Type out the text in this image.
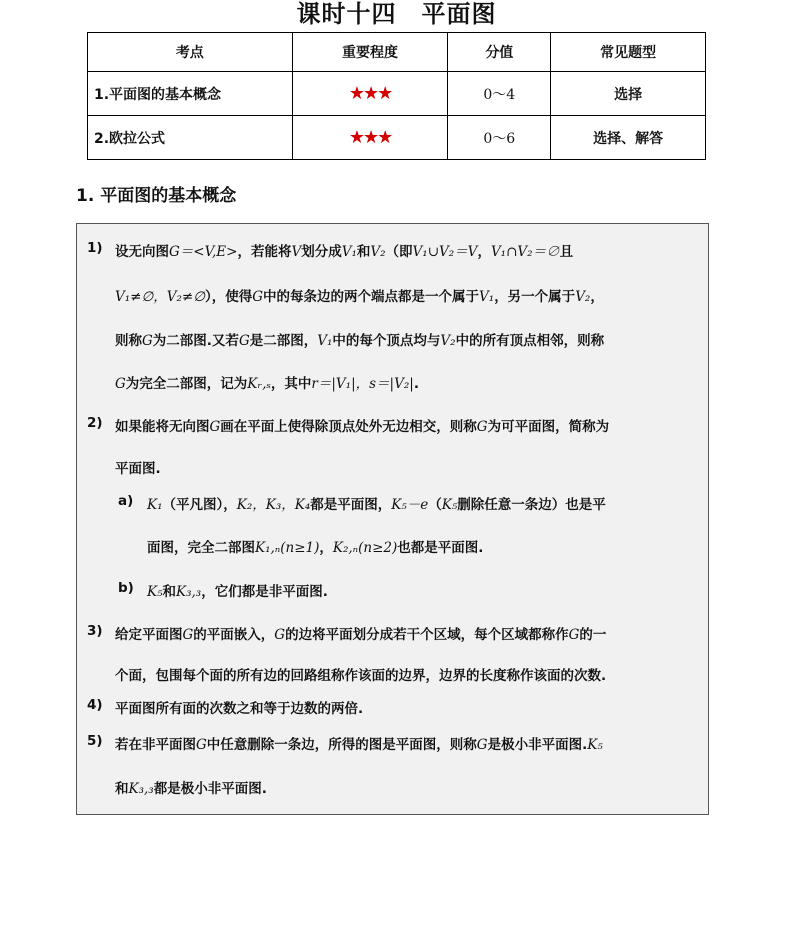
课时十四　平面图
考点	重要程度	分值	常见题型
1.平面图的基本概念	★★★	0～4	选择
2.欧拉公式	★★★	0～6	选择、解答
1. 平面图的基本概念
1) 设无向图G＝<V,E>，若能将V划分成V₁和V₂（即V₁∪V₂＝V，V₁∩V₂＝∅且
V₁≠∅，V₂≠∅），使得G中的每条边的两个端点都是一个属于V₁，另一个属于V₂，
则称G为二部图.又若G是二部图，V₁中的每个顶点均与V₂中的所有顶点相邻，则称
G为完全二部图，记为Kᵣ,ₛ，其中r＝|V₁|，s＝|V₂|.
2) 如果能将无向图G画在平面上使得除顶点处外无边相交，则称G为可平面图，简称为
平面图.
a) K₁（平凡图），K₂，K₃，K₄都是平面图，K₅－e（K₅删除任意一条边）也是平
面图，完全二部图K₁,ₙ(n≥1)，K₂,ₙ(n≥2)也都是平面图.
b) K₅和K₃,₃，它们都是非平面图.
3) 给定平面图G的平面嵌入，G的边将平面划分成若干个区域，每个区域都称作G的一
个面，包围每个面的所有边的回路组称作该面的边界，边界的长度称作该面的次数.
4) 平面图所有面的次数之和等于边数的两倍.
5) 若在非平面图G中任意删除一条边，所得的图是平面图，则称G是极小非平面图.K₅
和K₃,₃都是极小非平面图.
